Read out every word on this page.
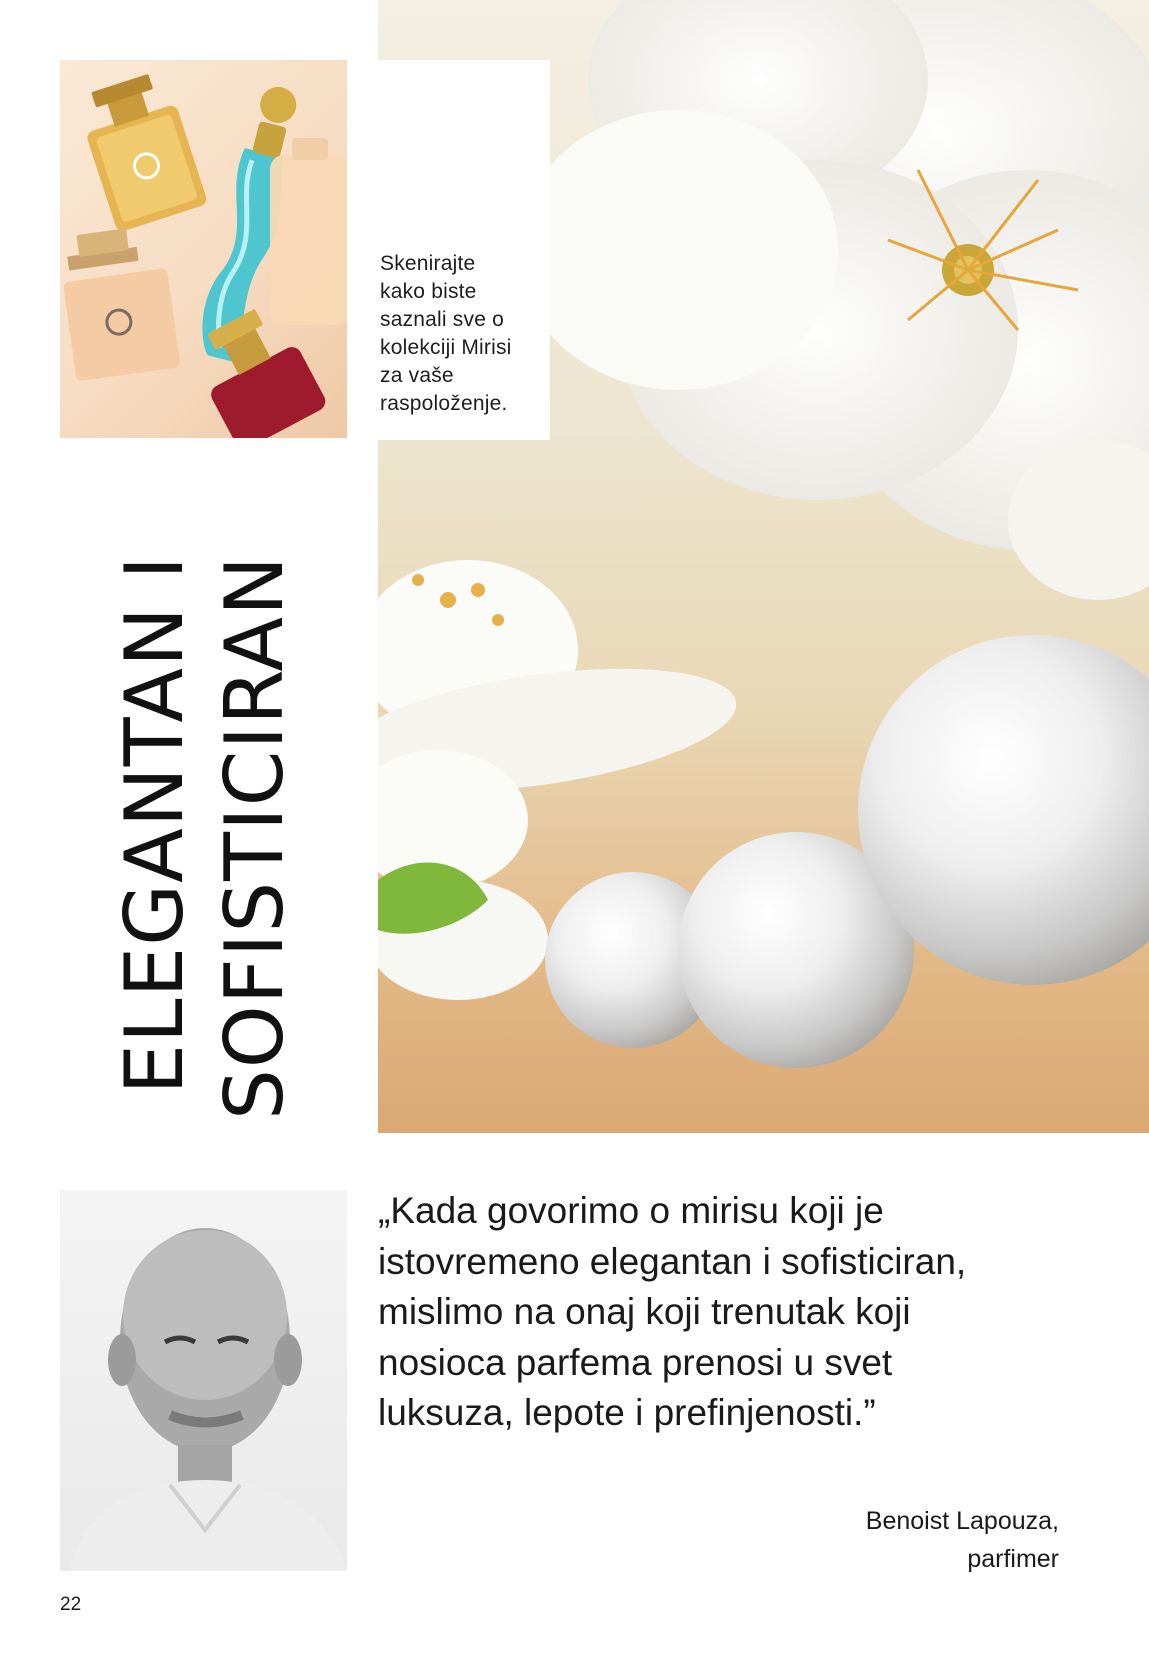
Skenirajte
kako biste
saznali sve o
kolekciji Mirisi
za vaše
raspoloženje.
ELEGANTAN I SOFISTICIRAN
„Kada govorimo o mirisu koji je
istovremeno elegantan i sofisticiran,
mislimo na onaj koji trenutak koji
nosioca parfema prenosi u svet
luksuza, lepote i prefinjenosti.”
Benoist Lapouza,
parfimer
22
